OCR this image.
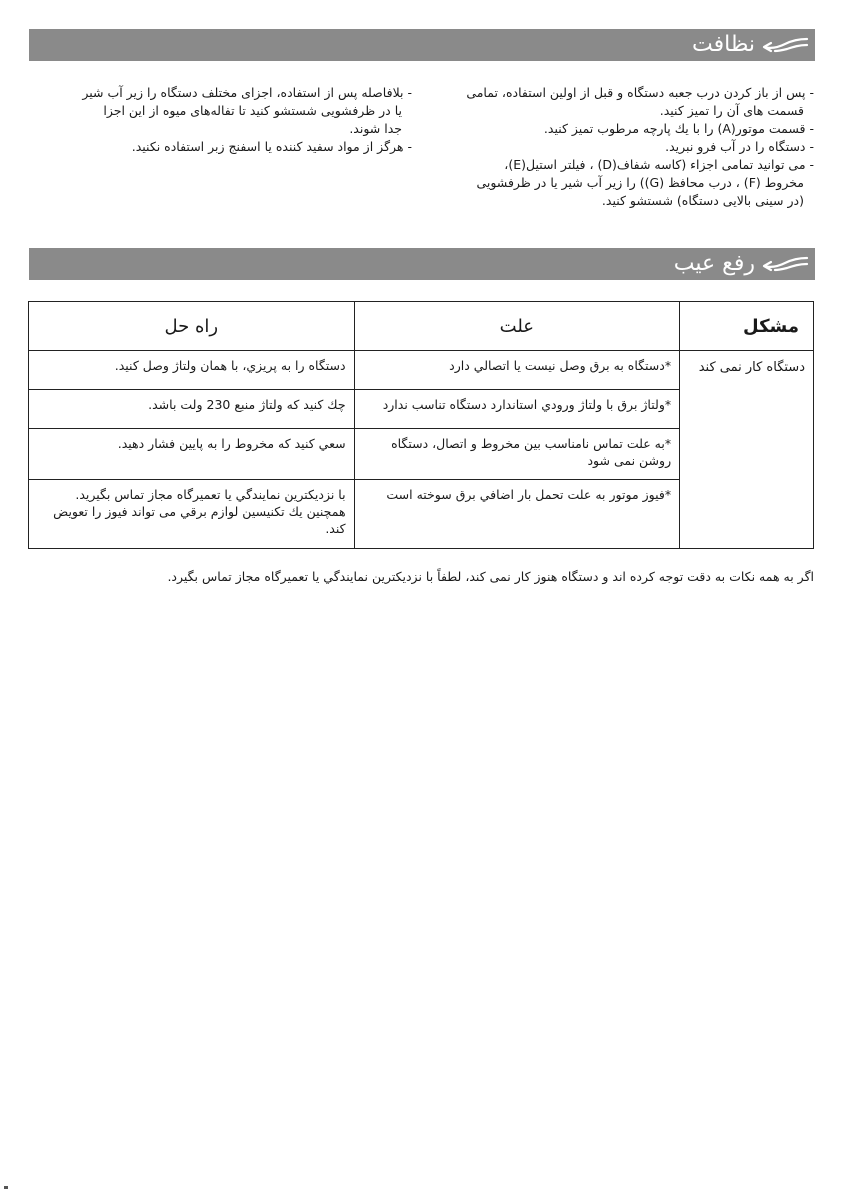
نظافت

- پس از باز كردن درب جعبه دستگاه و قبل از اولين استفاده، تمامی

قسمت های آن را تميز كنيد.

- قسمت موتور(A) را با يك پارچه مرطوب تميز كنيد.

- دستگاه را در آب فرو نبريد.

- می توانيد تمامی اجزاء (كاسه شفاف(D) ، فيلتر استيل(E)،

مخروط (F) ، درب محافظ (G)) را زير آب شير يا در ظرفشويی

(در سينی بالايی دستگاه) شستشو كنيد.

- بلافاصله پس از استفاده، اجزای مختلف دستگاه را زير آب شير

يا در ظرفشويی شستشو كنيد تا تفاله‌های ميوه از اين اجزا

جدا شوند.

- هرگز از مواد سفيد كننده يا اسفنج زبر استفاده نكنيد.

رفع عيب
مشكل	علت	راه حل
دستگاه كار نمی كند	*دستگاه به برق وصل نيست يا اتصالي دارد	دستگاه را به پريزي، با همان ولتاژ وصل كنيد.
	*ولتاژ برق با ولتاژ ورودي استاندارد دستگاه تناسب ندارد	چك كنيد كه ولتاژ منبع 230 ولت باشد.
	*به علت تماس نامناسب بين مخروط و اتصال، دستگاه روشن نمی شود	سعي كنيد كه مخروط را به پايين فشار دهيد.
	*فيوز موتور به علت تحمل بار اضافي برق سوخته است	با نزديكترين نمايندگي يا تعميرگاه مجاز تماس بگيريد. همچنين يك تكنيسين لوازم برقي می تواند فيوز را تعويض كند.
اگر به همه نكات به دقت توجه كرده اند و دستگاه هنوز كار نمی كند، لطفاً با نزديكترين نمايندگي يا تعميرگاه مجاز تماس بگيرد.
